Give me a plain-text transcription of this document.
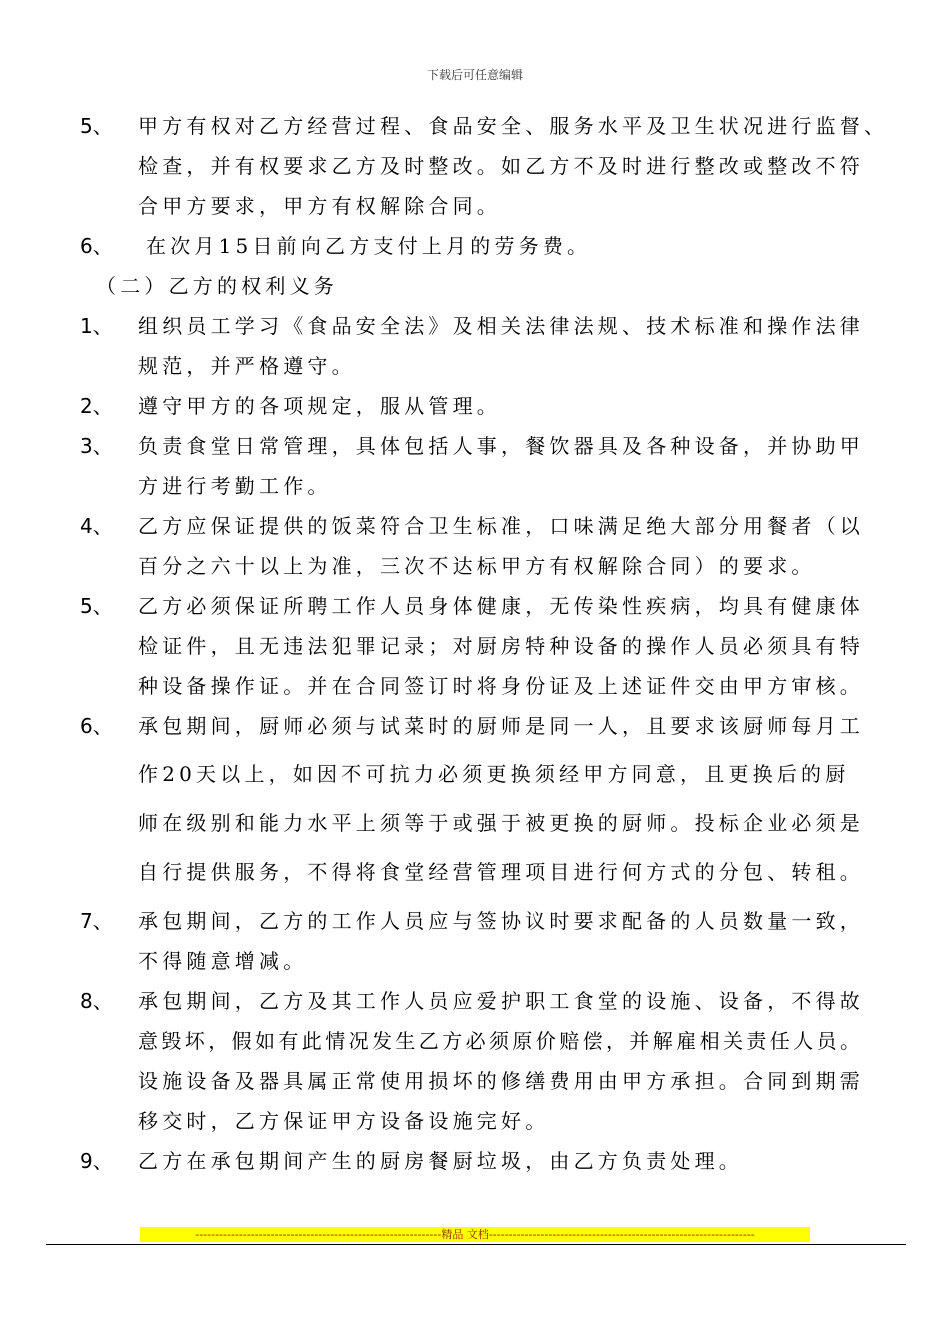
下载后可任意编辑
5、	甲方有权对乙方经营过程、食品安全、服务水平及卫生状况进行监督、
检查，并有权要求乙方及时整改。如乙方不及时进行整改或整改不符
合甲方要求，甲方有权解除合同。
6、	在次月15日前向乙方支付上月的劳务费。
（二）乙方的权利义务
1、	组织员工学习《食品安全法》及相关法律法规、技术标准和操作法律
规范，并严格遵守。
2、	遵守甲方的各项规定，服从管理。
3、	负责食堂日常管理，具体包括人事，餐饮器具及各种设备，并协助甲
方进行考勤工作。
4、	乙方应保证提供的饭菜符合卫生标准，口味满足绝大部分用餐者（以
百分之六十以上为准，三次不达标甲方有权解除合同）的要求。
5、	乙方必须保证所聘工作人员身体健康，无传染性疾病，均具有健康体
检证件，且无违法犯罪记录；对厨房特种设备的操作人员必须具有特
种设备操作证。并在合同签订时将身份证及上述证件交由甲方审核。
6、	承包期间，厨师必须与试菜时的厨师是同一人，且要求该厨师每月工
作20天以上，如因不可抗力必须更换须经甲方同意，且更换后的厨
师在级别和能力水平上须等于或强于被更换的厨师。投标企业必须是
自行提供服务，不得将食堂经营管理项目进行何方式的分包、转租。
7、	承包期间，乙方的工作人员应与签协议时要求配备的人员数量一致，
不得随意增减。
8、	承包期间，乙方及其工作人员应爱护职工食堂的设施、设备，不得故
意毁坏，假如有此情况发生乙方必须原价赔偿，并解雇相关责任人员。
设施设备及器具属正常使用损坏的修缮费用由甲方承担。合同到期需
移交时，乙方保证甲方设备设施完好。
9、	乙方在承包期间产生的厨房餐厨垃圾，由乙方负责处理。
--------------------------------------------------------------精品 文档-------------------------------------------------------------------
